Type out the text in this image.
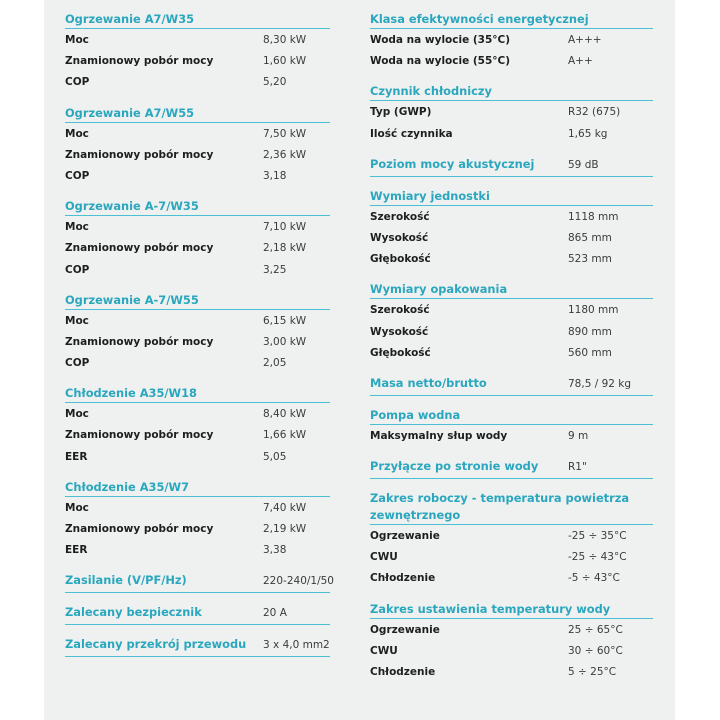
Ogrzewanie A7/W35
Moc	8,30 kW
Znamionowy pobór mocy	1,60 kW
COP	5,20
Ogrzewanie A7/W55
Moc	7,50 kW
Znamionowy pobór mocy	2,36 kW
COP	3,18
Ogrzewanie A-7/W35
Moc	7,10 kW
Znamionowy pobór mocy	2,18 kW
COP	3,25
Ogrzewanie A-7/W55
Moc	6,15 kW
Znamionowy pobór mocy	3,00 kW
COP	2,05
Chłodzenie A35/W18
Moc	8,40 kW
Znamionowy pobór mocy	1,66 kW
EER	5,05
Chłodzenie A35/W7
Moc	7,40 kW
Znamionowy pobór mocy	2,19 kW
EER	3,38
Zasilanie (V/PF/Hz)	220-240/1/50
Zalecany bezpiecznik	20 A
Zalecany przekrój przewodu 3 x 4,0 mm2
Klasa efektywności energetycznej
Woda na wylocie (35°C)	A+++
Woda na wylocie (55°C)	A++
Czynnik chłodniczy
Typ (GWP)	R32 (675)
Ilość czynnika	1,65 kg
Poziom mocy akustycznej	59 dB
Wymiary jednostki
Szerokość	1118 mm
Wysokość	865 mm
Głębokość	523 mm
Wymiary opakowania
Szerokość	1180 mm
Wysokość	890 mm
Głębokość	560 mm
Masa netto/brutto	78,5 / 92 kg
Pompa wodna
Maksymalny słup wody	9 m
Przyłącze po stronie wody	R1"
Zakres roboczy - temperatura powietrza zewnętrznego
Ogrzewanie	-25 ÷ 35°C
CWU	-25 ÷ 43°C
Chłodzenie	-5 ÷ 43°C
Zakres ustawienia temperatury wody
Ogrzewanie	25 ÷ 65°C
CWU	30 ÷ 60°C
Chłodzenie	5 ÷ 25°C
